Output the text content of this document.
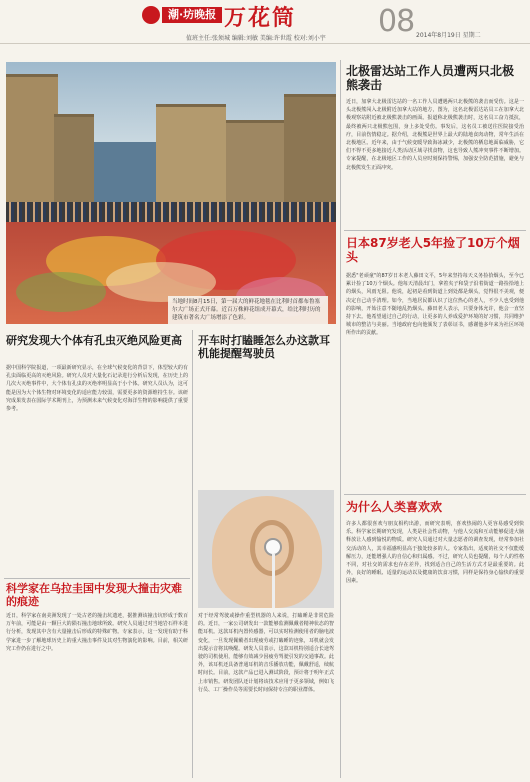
潮·坊晚报 万花筒	08 2014年8月19日 星期二
值班主任:张须城 编辑:刘敏 美编:许世霞 校对:刘小宇
当地时间8月15日，第一届大的鲜花地毯在比利时首都布鲁塞尔大广场正式开幕。近百万株鲜花组成开幕式，给比利时历的建筑市著名大广场增添了色彩。
北极雷达站工作人员遭两只北极熊袭击
近日，加拿大北极雷达站的一名工作人员遭遇两只北极熊的袭击而受伤。这是一头北极熊闯入北极附近加拿大站的地方，图为，这名北极雷达站员工在加拿大北极观察站附近被北极熊袭击的画面。报道称北极熊袭击时，这名员工奋力抵抗，最终被两只北极熊包围，身上多处受伤。事发后，这名员工被送往医院接受治疗，目前伤情稳定。据介绍，北极熊是世界上最大的陆地食肉动物，常年生活在北极地区。近年来，由于气候变暖导致海冰减少，北极熊的栖息地面临威胁，它们不得不更多地接近人类活动区域寻找食物，这也导致人熊冲突事件不断增加。专家提醒，在北极地区工作的人员应时刻保持警惕，加强安全防范措施，避免与北极熊发生正面冲突。
日本87岁老人5年捡了10万个烟头
据悉"老顽童"的87岁日本老人藤田文平，5年来坚持每天义务捡拾烟头，至今已累计捡了10万个烟头。他每天清晨出门，拿着夹子和袋子沿着街道一路捡拾地上的烟头，风雨无阻。他说，起初是看到街道上到处都是烟头，觉得很不美观，便决定自己动手清理。如今，当地居民都认识了这位热心的老人，不少人也受到他的影响，开始注意不随地乱扔烟头。藤田老人表示，只要身体允许，他会一直坚持下去。他希望通过自己的行动，让更多的人养成爱护环境的好习惯，共同维护城市的整洁与美丽。当地政府也向他颁发了表彰证书，感谢他多年来为社区环境所作出的贡献。
为什么人类喜欢欢
许多人都很喜欢与朋友相约出游，而研究表明，喜欢热闹的人更容易感受到快乐。科学家长期研究发现，人类是社会性动物，与他人交流和互动能够促进大脑释放让人感到愉悦的物质。研究人员通过对大量志愿者的调查发现，经常参加社交活动的人，其幸福感明显高于独处较多的人。专家指出，适度的社交不仅能缓解压力，还能增强人的自信心和归属感。不过，研究人员也提醒，每个人的性格不同，对社交的需求也存在差异，找到适合自己的生活方式才是最重要的。此外，良好的睡眠、适量的运动以及健康的饮食习惯，同样是保持身心愉快的重要因素。
研究发现大个体有孔虫灭绝风险更高
据中国科学院报道，一项最新研究显示，在全球气候变化的背景下，体型较大的有孔虫面临更高的灭绝风险。研究人员对大量化石记录进行分析后发现，在历史上的几次大灭绝事件中，大个体有孔虫的灭绝率明显高于小个体。研究人员认为，这可能是因为大个体生物对环境变化的适应能力较弱，需要更多的资源维持生存。该研究成果发表在国际学术期刊上，为预测未来气候变化对海洋生物的影响提供了重要参考。
科学家在乌拉圭国中发现大撞击灾难的痕迹
近日，科学家在南美洲发现了一处古老的撞击坑遗迹，据推测该撞击坑形成于数百万年前，可能是由一颗巨大的陨石撞击地球所致。研究人员通过对当地岩石样本进行分析，发现其中含有大量撞击后形成的特殊矿物。专家表示，这一发现有助于科学家进一步了解地球历史上的重大撞击事件及其对生物演化的影响。目前，相关研究工作仍在进行之中。
开车时打瞌睡怎么办这款耳机能提醒驾驶员
对于经常驾驶或操作重型机器的人来说，打瞌睡是非常危险的。近日，一家公司研发出一款能够监测佩戴者精神状态的智能耳机。这款耳机内置传感器，可以实时检测使用者的脑电波变化，一旦发现佩戴者出现疲劳或打瞌睡的迹象，耳机就会发出提示音将其唤醒。研发人员表示，这款耳机特别适合长途驾驶的司机使用，能够有效减少因疲劳驾驶引发的交通事故。此外，该耳机还具备普通耳机的音乐播放功能，佩戴舒适，续航时间长。目前，这款产品已进入测试阶段，预计将于明年正式上市销售。研发团队还计划将该技术应用于更多领域，例如飞行员、工厂操作员等需要长时间保持专注的职业群体。
